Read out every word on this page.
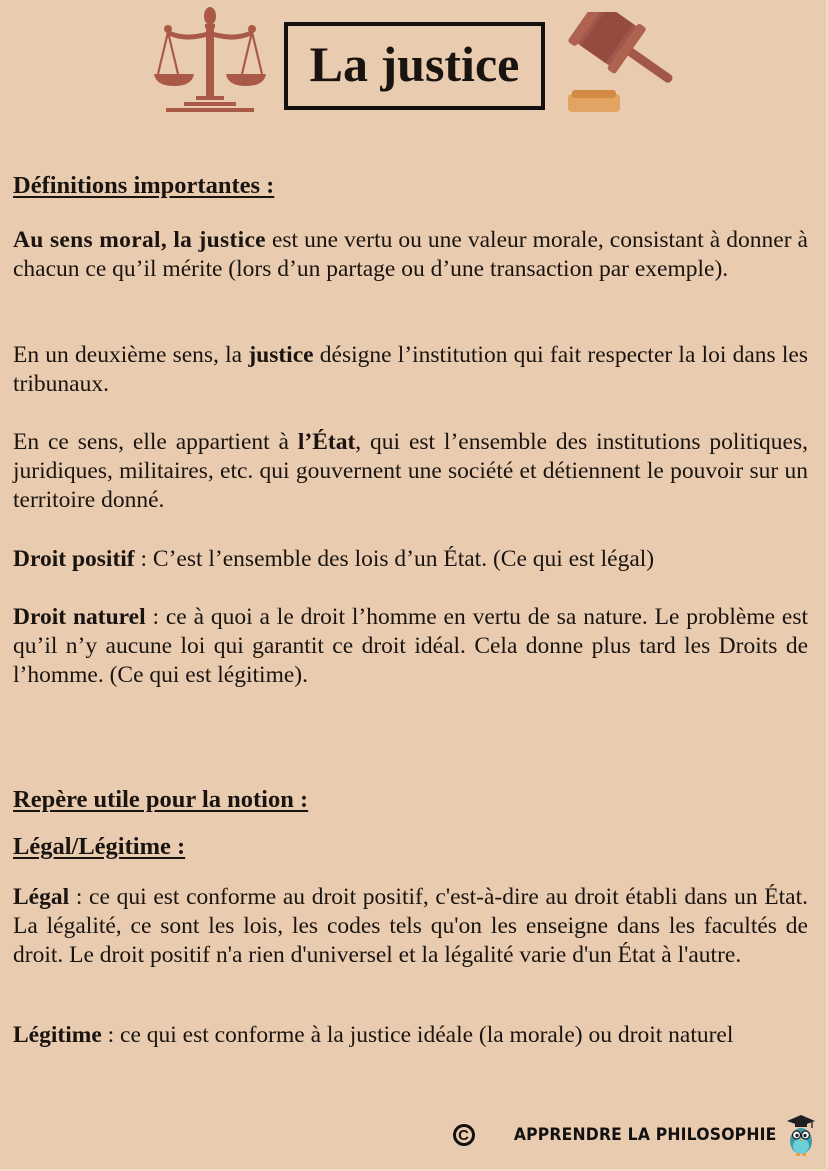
La justice
Définitions importantes :

Au sens moral, la justice est une vertu ou une valeur morale, consistant à donner à chacun ce qu’il mérite (lors d’un partage ou d’une transaction par exemple).

En un deuxième sens, la justice désigne l’institution qui fait respecter la loi dans les tribunaux.

En ce sens, elle appartient à l’État, qui est l’ensemble des institutions politiques, juridiques, militaires, etc. qui gouvernent une société et détiennent le pouvoir sur un territoire donné.

Droit positif : C’est l’ensemble des lois d’un État. (Ce qui est légal)

Droit naturel : ce à quoi a le droit l’homme en vertu de sa nature. Le problème est qu’il n’y aucune loi qui garantit ce droit idéal. Cela donne plus tard les Droits de l’homme. (Ce qui est légitime).

Repère utile pour la notion :
Légal/Légitime :

Légal : ce qui est conforme au droit positif, c'est-à-dire au droit établi dans un État. La légalité, ce sont les lois, les codes tels qu'on les enseigne dans les facultés de droit. Le droit positif n'a rien d'universel et la légalité varie d'un État à l'autre.

Légitime : ce qui est conforme à la justice idéale (la morale) ou droit naturel

C	APPRENDRE LA PHILOSOPHIE
